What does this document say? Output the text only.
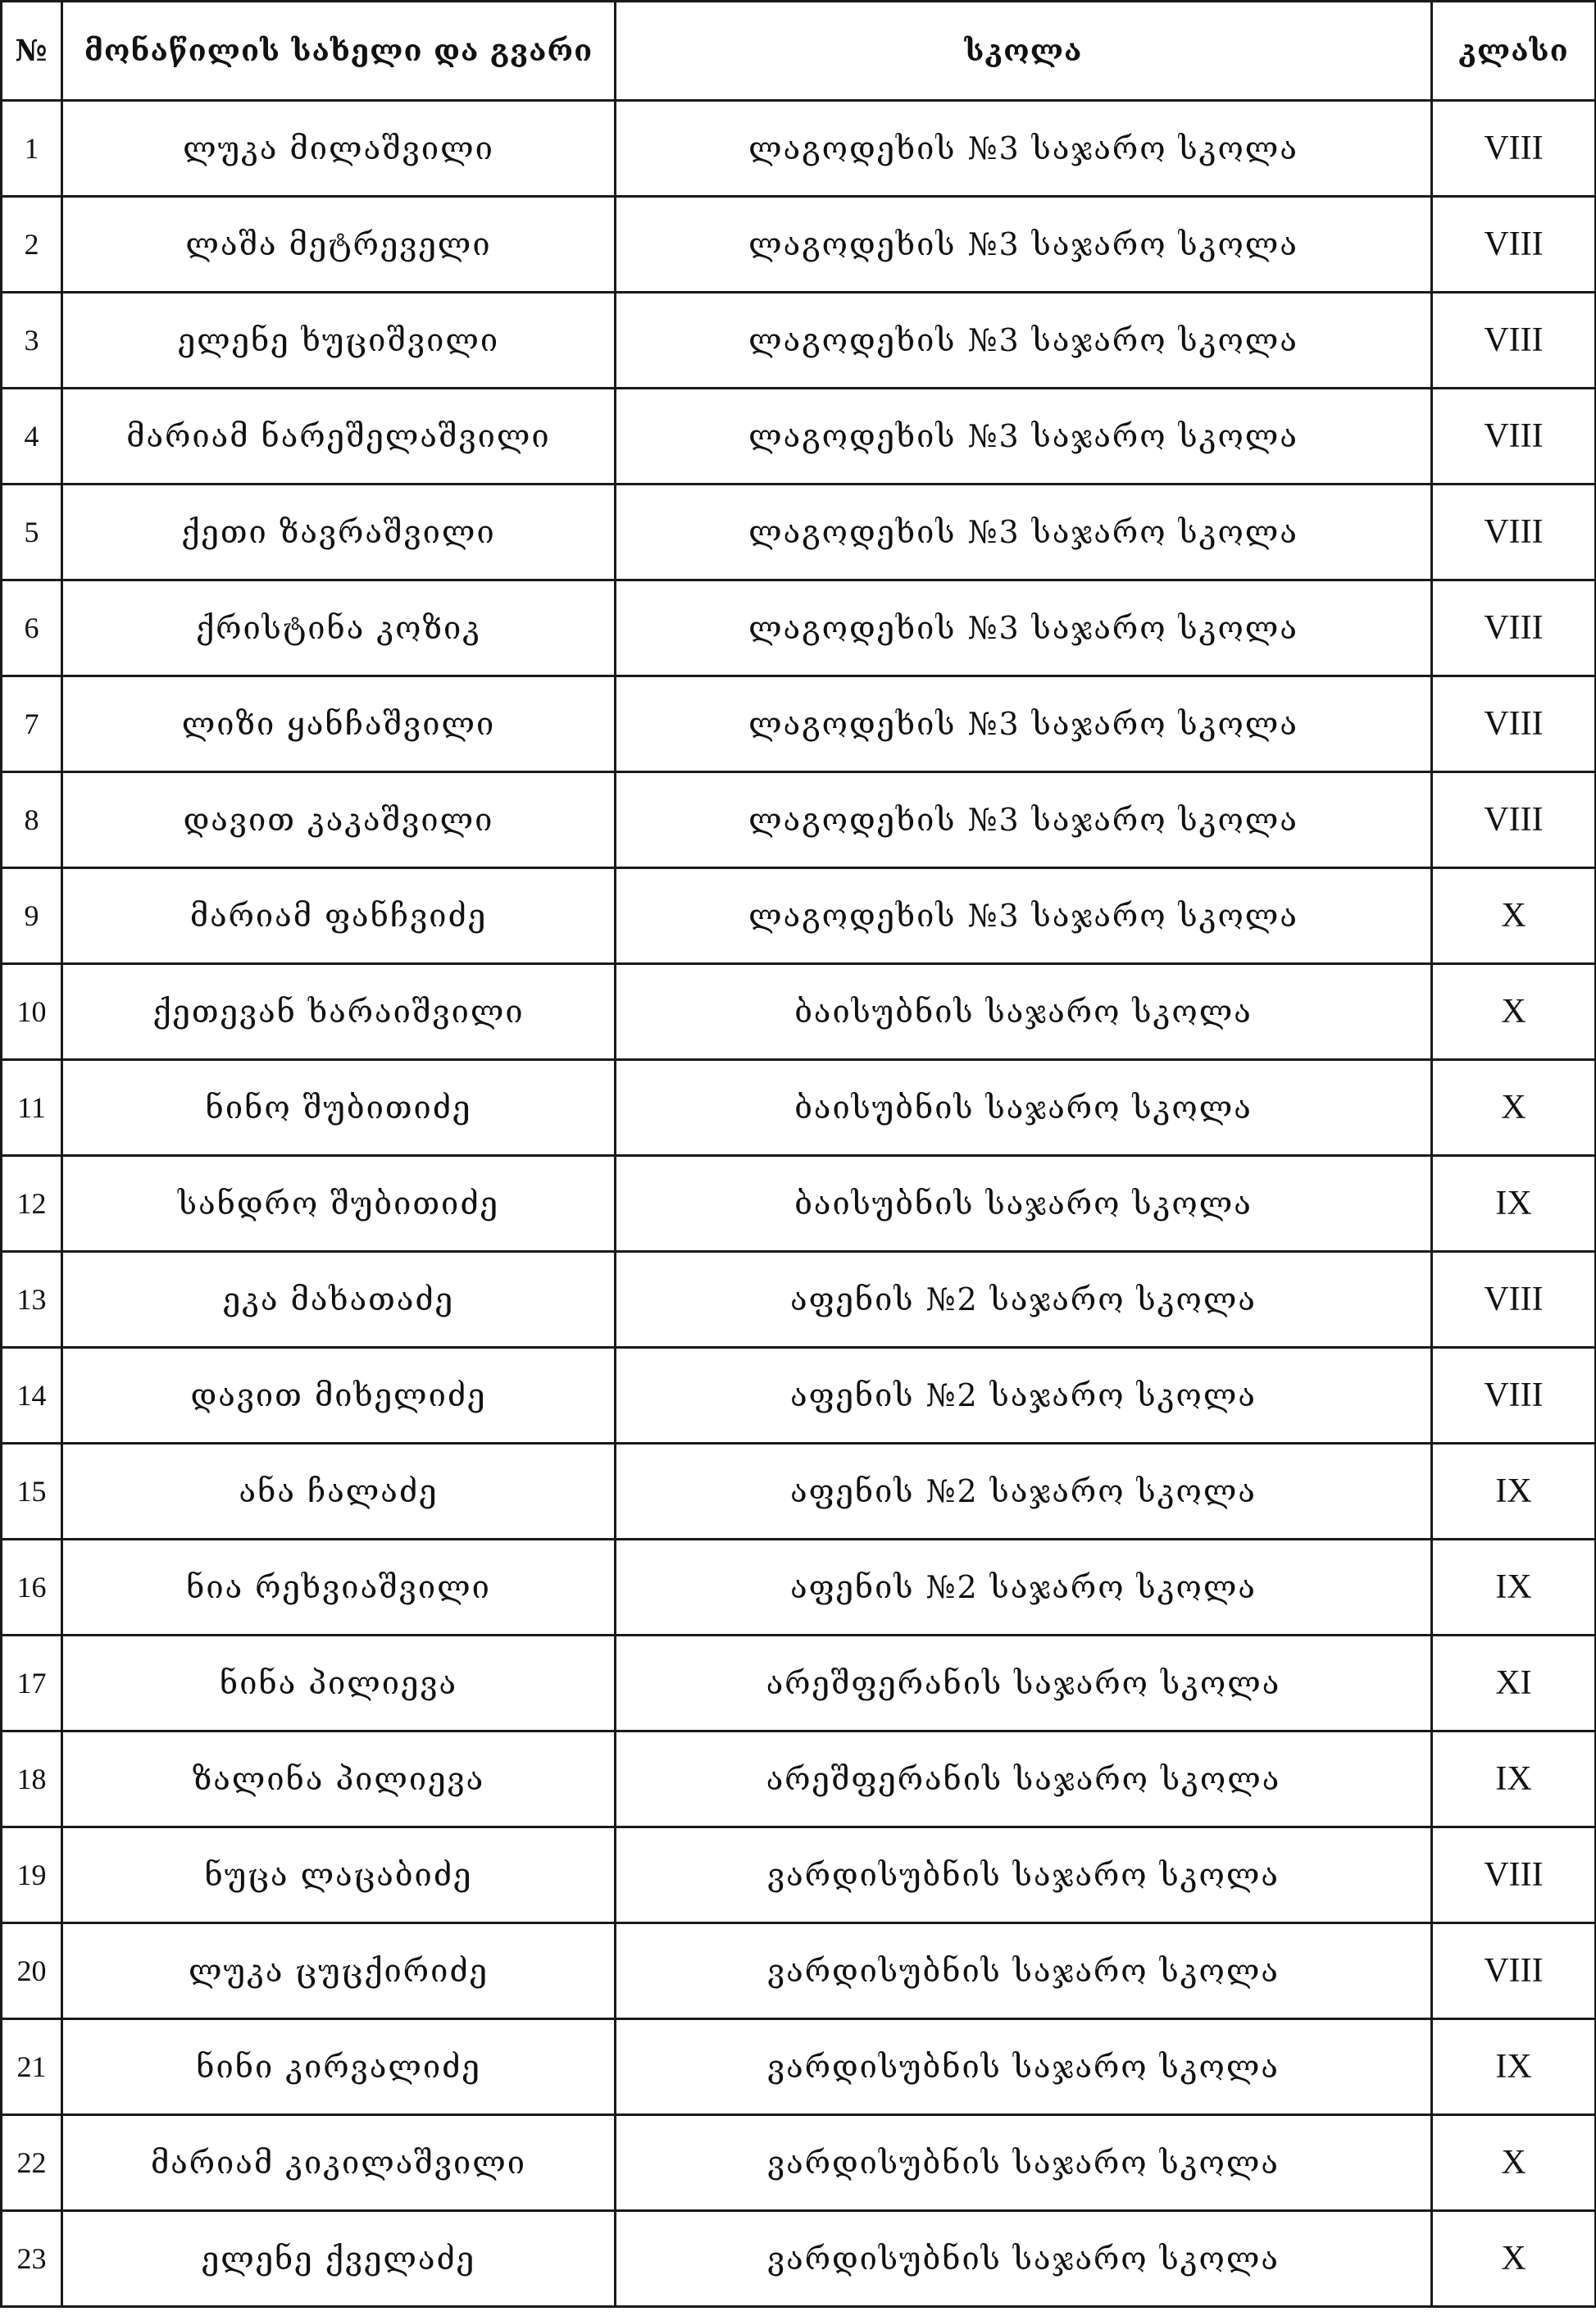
№	მონაწილის სახელი და გვარი	სკოლა	კლასი
1	ლუკა მილაშვილი	ლაგოდეხის №3 საჯარო სკოლა	VIII
2	ლაშა მეტრეველი	ლაგოდეხის №3 საჯარო სკოლა	VIII
3	ელენე ხუციშვილი	ლაგოდეხის №3 საჯარო სკოლა	VIII
4	მარიამ ნარეშელაშვილი	ლაგოდეხის №3 საჯარო სკოლა	VIII
5	ქეთი ზავრაშვილი	ლაგოდეხის №3 საჯარო სკოლა	VIII
6	ქრისტინა კოზიკ	ლაგოდეხის №3 საჯარო სკოლა	VIII
7	ლიზი ყანჩაშვილი	ლაგოდეხის №3 საჯარო სკოლა	VIII
8	დავით კაკაშვილი	ლაგოდეხის №3 საჯარო სკოლა	VIII
9	მარიამ ფანჩვიძე	ლაგოდეხის №3 საჯარო სკოლა	X
10	ქეთევან ხარაიშვილი	ბაისუბნის საჯარო სკოლა	X
11	ნინო შუბითიძე	ბაისუბნის საჯარო სკოლა	X
12	სანდრო შუბითიძე	ბაისუბნის საჯარო სკოლა	IX
13	ეკა მახათაძე	აფენის №2 საჯარო სკოლა	VIII
14	დავით მიხელიძე	აფენის №2 საჯარო სკოლა	VIII
15	ანა ჩალაძე	აფენის №2 საჯარო სკოლა	IX
16	ნია რეხვიაშვილი	აფენის №2 საჯარო სკოლა	IX
17	ნინა პილიევა	არეშფერანის საჯარო სკოლა	XI
18	ზალინა პილიევა	არეშფერანის საჯარო სკოლა	IX
19	ნუცა ლაცაბიძე	ვარდისუბნის საჯარო სკოლა	VIII
20	ლუკა ცუცქირიძე	ვარდისუბნის საჯარო სკოლა	VIII
21	ნინი კირვალიძე	ვარდისუბნის საჯარო სკოლა	IX
22	მარიამ კიკილაშვილი	ვარდისუბნის საჯარო სკოლა	X
23	ელენე ქველაძე	ვარდისუბნის საჯარო სკოლა	X
